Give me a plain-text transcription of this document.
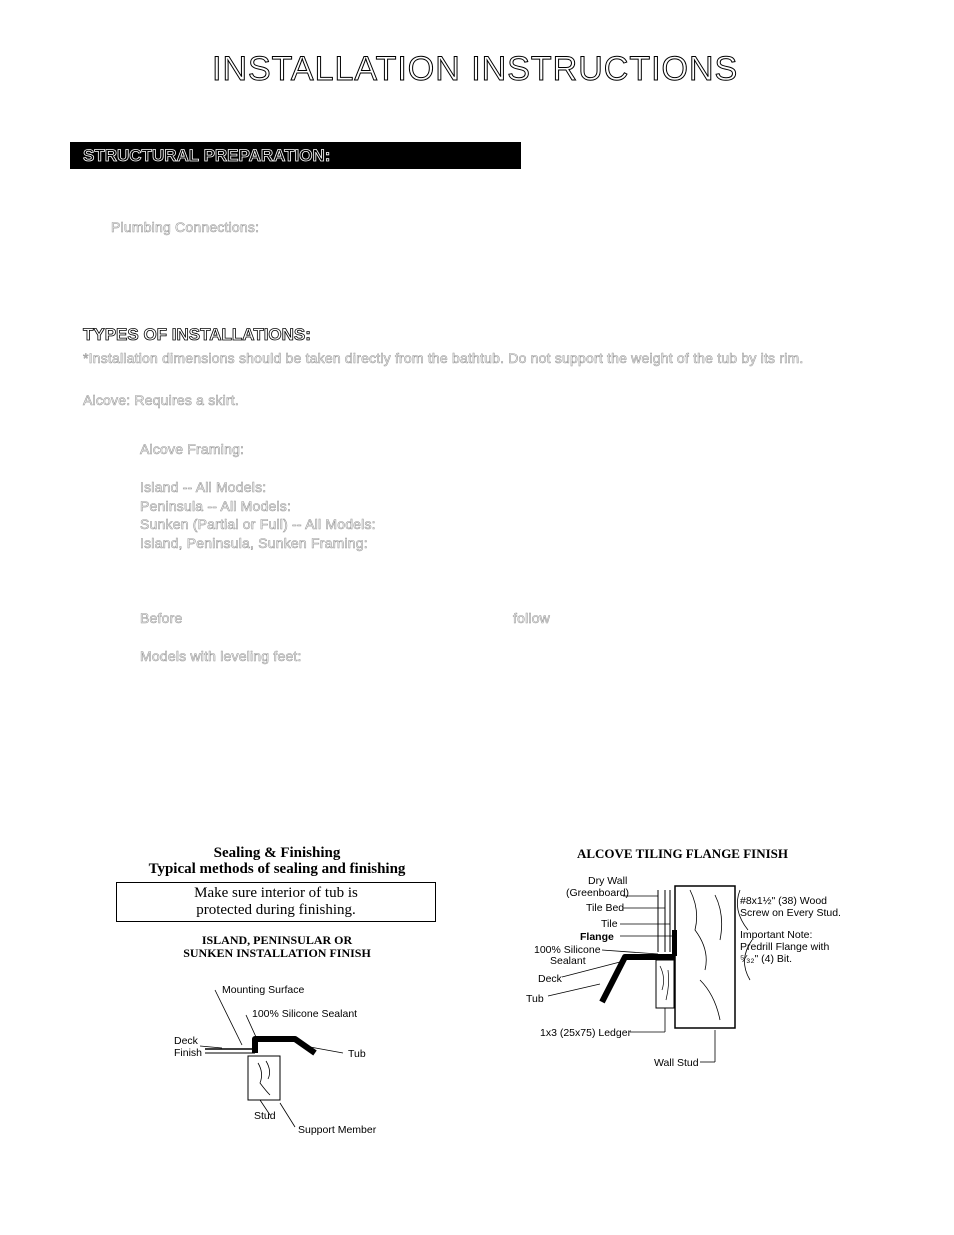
INSTALLATION INSTRUCTIONS
STRUCTURAL PREPARATION:
Plumbing Connections:
TYPES OF INSTALLATIONS:
*Installation dimensions should be taken directly from the bathtub. Do not support the weight of the tub by its rim.
Alcove: Requires a skirt.
Alcove Framing:
Island -- All Models:
Peninsula -- All Models:
Sunken (Partial or Full) -- All Models:
Island, Peninsula, Sunken Framing:
Before	follow
Models with leveling feet:
Sealing & Finishing
Typical methods of sealing and finishing
Make sure interior of tub is
protected during finishing.
ISLAND, PENINSULAR OR
SUNKEN INSTALLATION FINISH
Mounting Surface
100% Silicone Sealant
Deck
Finish	Tub
Stud
Support Member
ALCOVE TILING FLANGE FINISH
Dry Wall
(Greenboard)
Tile Bed
Tile
Flange
100% Silicone
Sealant
Deck
Tub
1x3 (25x75) Ledger
Wall Stud
#8x1½" (38) Wood
Screw on Every Stud.
Important Note:
Predrill Flange with
⁵⁄₃₂" (4) Bit.
